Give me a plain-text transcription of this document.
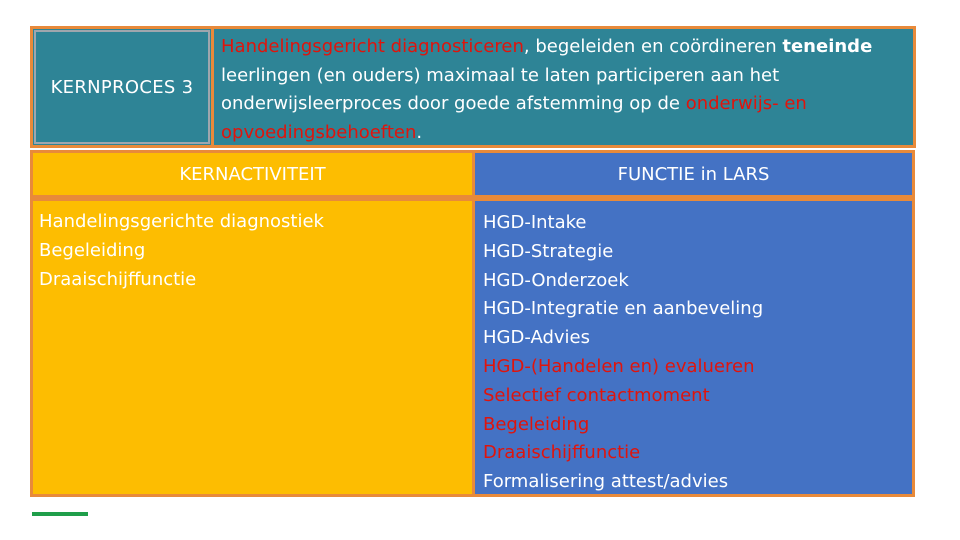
KERNPROCES 3

Handelingsgericht diagnosticeren, begeleiden en coördineren teneinde leerlingen (en ouders) maximaal te laten participeren aan het onderwijsleerproces door goede afstemming op de onderwijs- en opvoedingsbehoeften.

KERNACTIVITEIT	FUNCTIE in LARS
Handelingsgerichte diagnostiek
Begeleiding
Draaischijffunctie
HGD-Intake
HGD-Strategie
HGD-Onderzoek
HGD-Integratie en aanbeveling
HGD-Advies
HGD-(Handelen en) evalueren
Selectief contactmoment
Begeleiding
Draaischijffunctie
Formalisering attest/advies
